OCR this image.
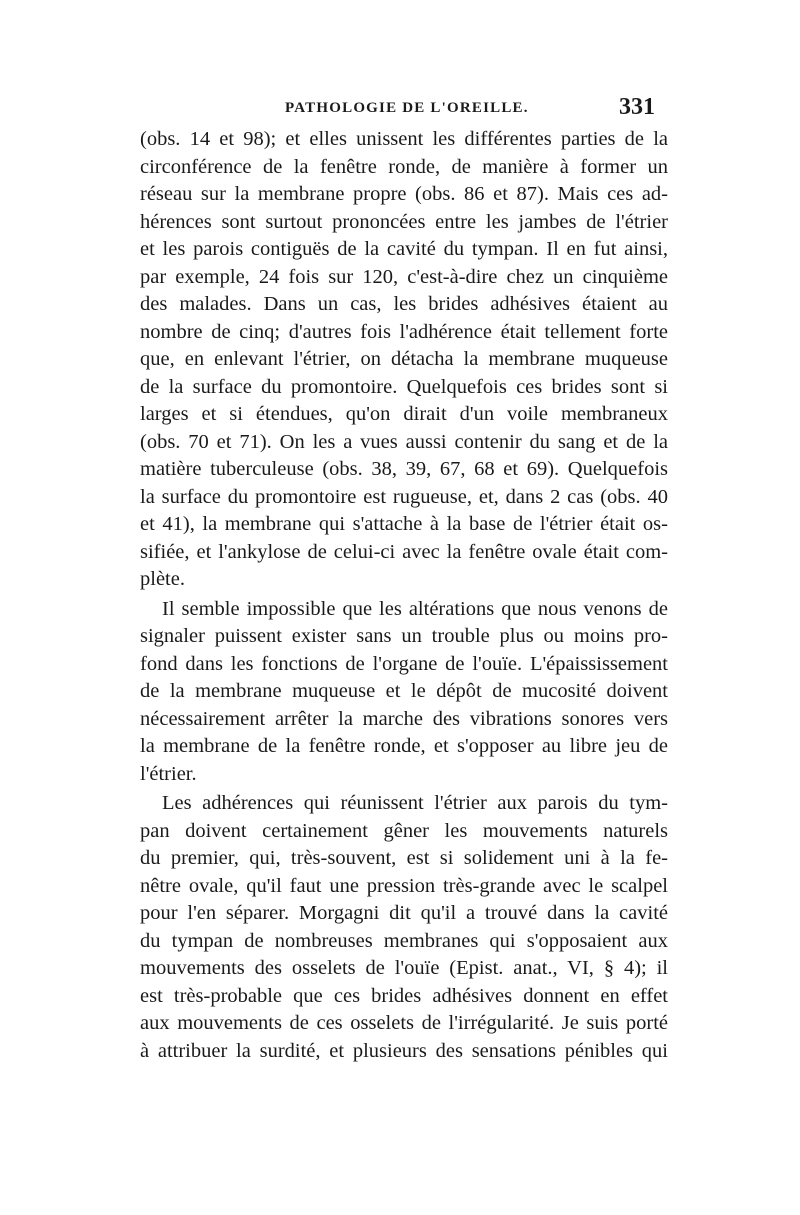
PATHOLOGIE DE L'OREILLE.	331
(obs. 14 et 98); et elles unissent les différentes parties de la
circonférence de la fenêtre ronde, de manière à former un
réseau sur la membrane propre (obs. 86 et 87). Mais ces ad-
hérences sont surtout prononcées entre les jambes de l'étrier
et les parois contiguës de la cavité du tympan. Il en fut ainsi,
par exemple, 24 fois sur 120, c'est-à-dire chez un cinquième
des malades. Dans un cas, les brides adhésives étaient au
nombre de cinq; d'autres fois l'adhérence était tellement forte
que, en enlevant l'étrier, on détacha la membrane muqueuse
de la surface du promontoire. Quelquefois ces brides sont si
larges et si étendues, qu'on dirait d'un voile membraneux
(obs. 70 et 71). On les a vues aussi contenir du sang et de la
matière tuberculeuse (obs. 38, 39, 67, 68 et 69). Quelquefois
la surface du promontoire est rugueuse, et, dans 2 cas (obs. 40
et 41), la membrane qui s'attache à la base de l'étrier était os-
sifiée, et l'ankylose de celui-ci avec la fenêtre ovale était com-
plète.
Il semble impossible que les altérations que nous venons de
signaler puissent exister sans un trouble plus ou moins pro-
fond dans les fonctions de l'organe de l'ouïe. L'épaississement
de la membrane muqueuse et le dépôt de mucosité doivent
nécessairement arrêter la marche des vibrations sonores vers
la membrane de la fenêtre ronde, et s'opposer au libre jeu de
l'étrier.
Les adhérences qui réunissent l'étrier aux parois du tym-
pan doivent certainement gêner les mouvements naturels
du premier, qui, très-souvent, est si solidement uni à la fe-
nêtre ovale, qu'il faut une pression très-grande avec le scalpel
pour l'en séparer. Morgagni dit qu'il a trouvé dans la cavité
du tympan de nombreuses membranes qui s'opposaient aux
mouvements des osselets de l'ouïe (Epist. anat., VI, § 4); il
est très-probable que ces brides adhésives donnent en effet
aux mouvements de ces osselets de l'irrégularité. Je suis porté
à attribuer la surdité, et plusieurs des sensations pénibles qui
